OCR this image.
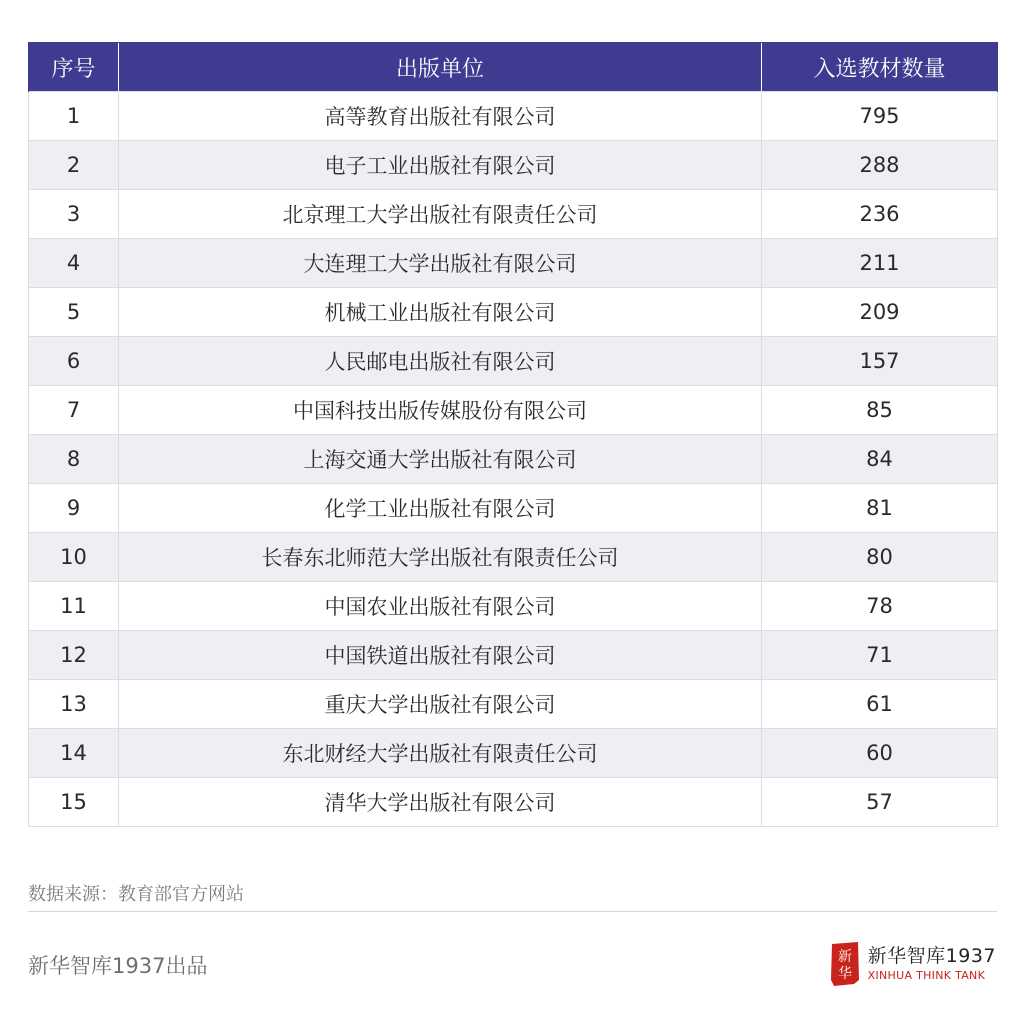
序号	出版单位	入选教材数量
1	高等教育出版社有限公司	795
2	电子工业出版社有限公司	288
3	北京理工大学出版社有限责任公司	236
4	大连理工大学出版社有限公司	211
5	机械工业出版社有限公司	209
6	人民邮电出版社有限公司	157
7	中国科技出版传媒股份有限公司	85
8	上海交通大学出版社有限公司	84
9	化学工业出版社有限公司	81
10	长春东北师范大学出版社有限责任公司	80
11	中国农业出版社有限公司	78
12	中国铁道出版社有限公司	71
13	重庆大学出版社有限公司	61
14	东北财经大学出版社有限责任公司	60
15	清华大学出版社有限公司	57
数据来源：教育部官方网站
新华智库1937出品	新
华
新华智库1937
XINHUA THINK TANK
